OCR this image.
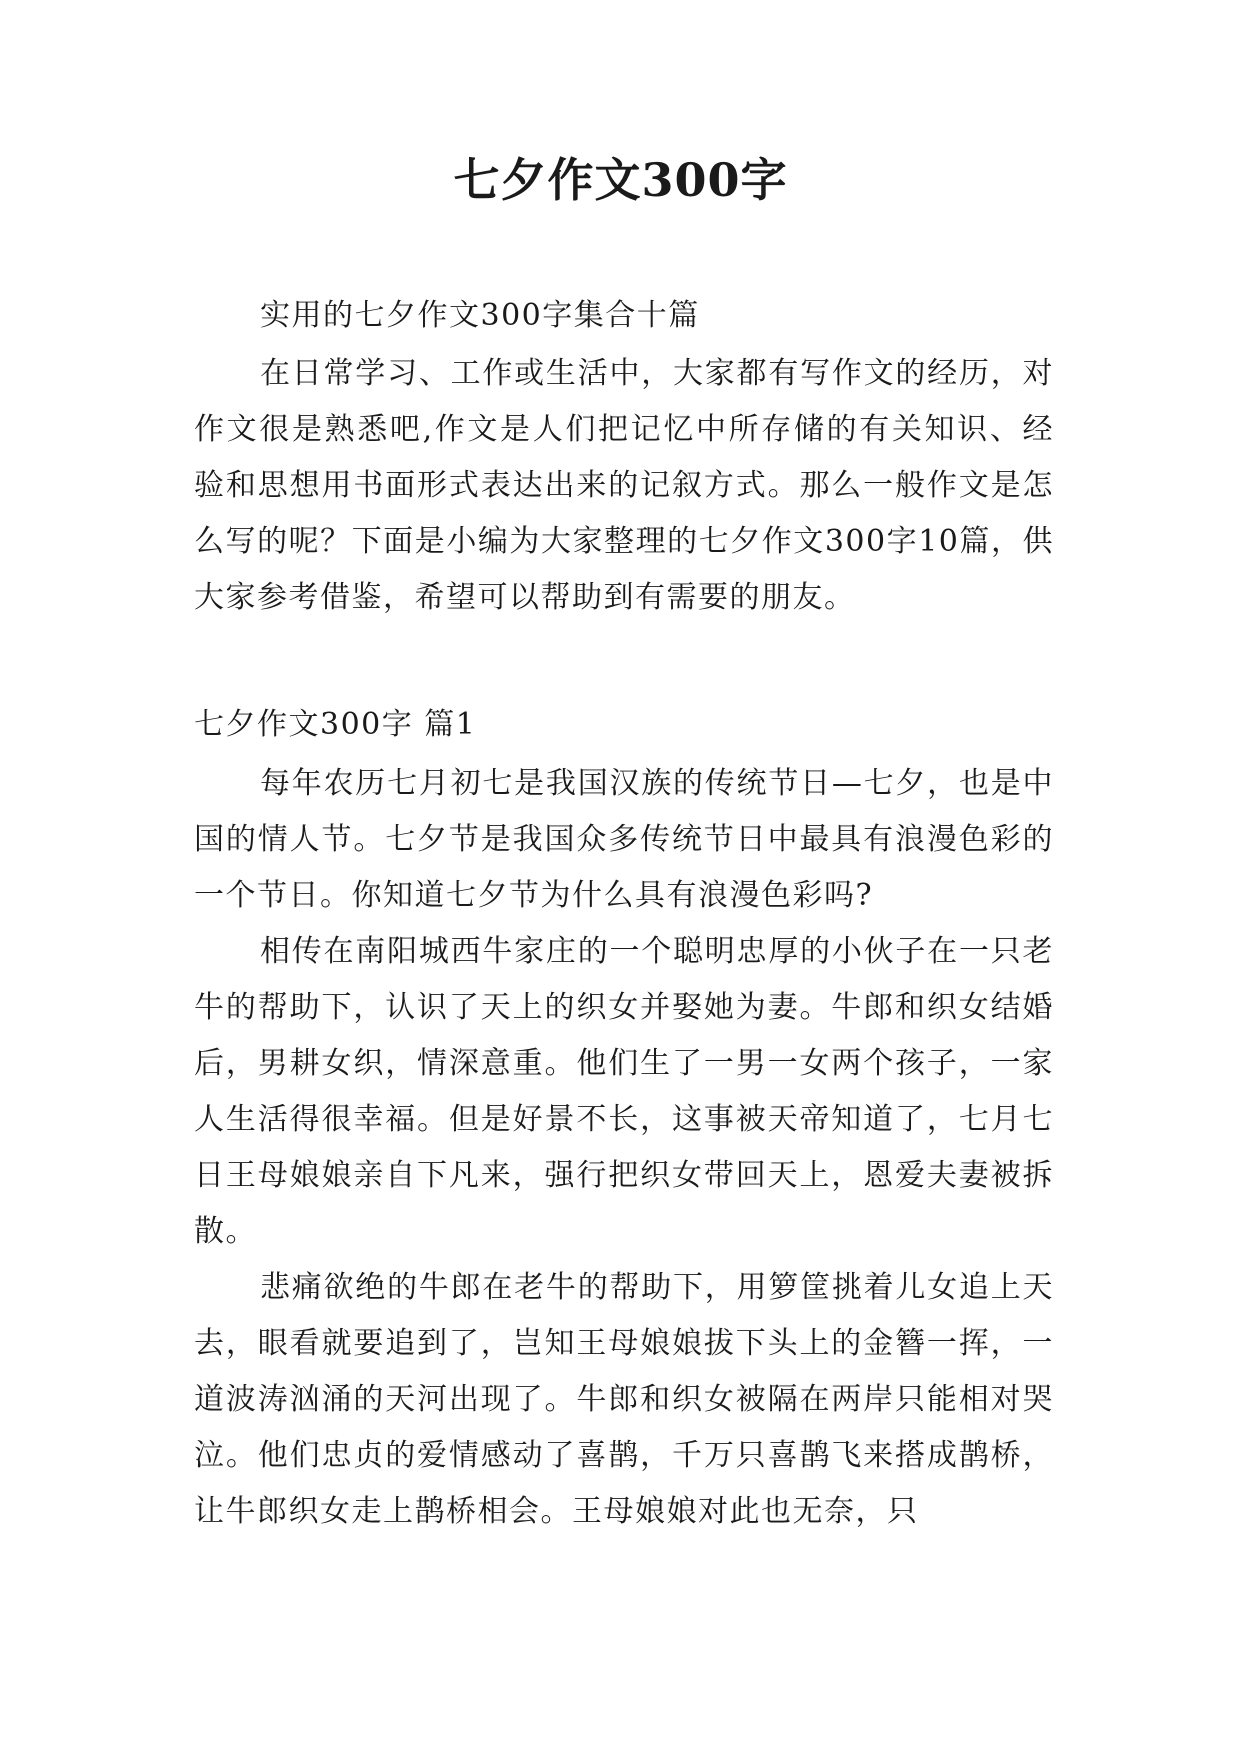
七夕作文300字

实用的七夕作文300字集合十篇

在日常学习、工作或生活中，大家都有写作文的经历，对作文很是熟悉吧,作文是人们把记忆中所存储的有关知识、经验和思想用书面形式表达出来的记叙方式。那么一般作文是怎么写的呢？下面是小编为大家整理的七夕作文300字10篇，供大家参考借鉴，希望可以帮助到有需要的朋友。

七夕作文300字 篇1

每年农历七月初七是我国汉族的传统节日—七夕，也是中国的情人节。七夕节是我国众多传统节日中最具有浪漫色彩的一个节日。你知道七夕节为什么具有浪漫色彩吗?

相传在南阳城西牛家庄的一个聪明忠厚的小伙子在一只老牛的帮助下，认识了天上的织女并娶她为妻。牛郎和织女结婚后，男耕女织，情深意重。他们生了一男一女两个孩子，一家人生活得很幸福。但是好景不长，这事被天帝知道了，七月七日王母娘娘亲自下凡来，强行把织女带回天上，恩爱夫妻被拆散。

悲痛欲绝的牛郎在老牛的帮助下，用箩筐挑着儿女追上天去，眼看就要追到了，岂知王母娘娘拔下头上的金簪一挥，一道波涛汹涌的天河出现了。牛郎和织女被隔在两岸只能相对哭泣。他们忠贞的爱情感动了喜鹊，千万只喜鹊飞来搭成鹊桥，让牛郎织女走上鹊桥相会。王母娘娘对此也无奈，只
